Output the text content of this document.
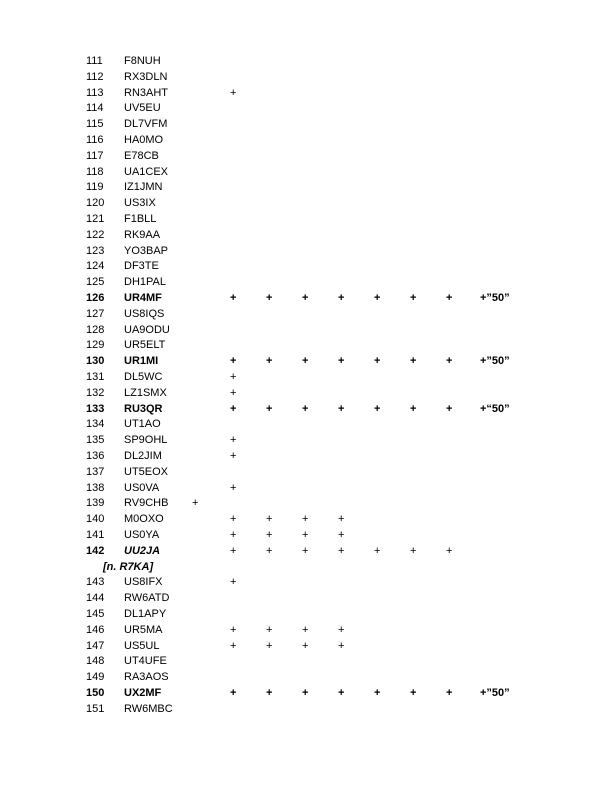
111 F8NUH
112 RX3DLN
113 RN3AHT	+
114 UV5EU
115 DL7VFM
116 HA0MO
117 E78CB
118 UA1CEX
119 IZ1JMN
120 US3IX
121 F1BLL
122 RK9AA
123 YO3BAP
124 DF3TE
125 DH1PAL
126 UR4MF	+	+	+	+	+	+	+	+”50”
127 US8IQS
128 UA9ODU
129 UR5ELT
130 UR1MI	+	+	+	+	+	+	+	+”50”
131 DL5WC	+
132 LZ1SMX	+
133 RU3QR	+	+	+	+	+	+	+	+“50”
134 UT1AO
135 SP9OHL	+
136 DL2JIM	+
137 UT5EOX
138 US0VA	+
139 RV9CHB +
140 M0OXO	+	+	+	+
141 US0YA	+	+	+	+
142 UU2JA	+	+	+	+	+	+	+
[n. R7KA]
143 US8IFX	+
144 RW6ATD
145 DL1APY
146 UR5MA	+	+	+	+
147 US5UL	+	+	+	+
148 UT4UFE
149 RA3AOS
150 UX2MF	+	+	+	+	+	+	+	+”50”
151 RW6MBC
